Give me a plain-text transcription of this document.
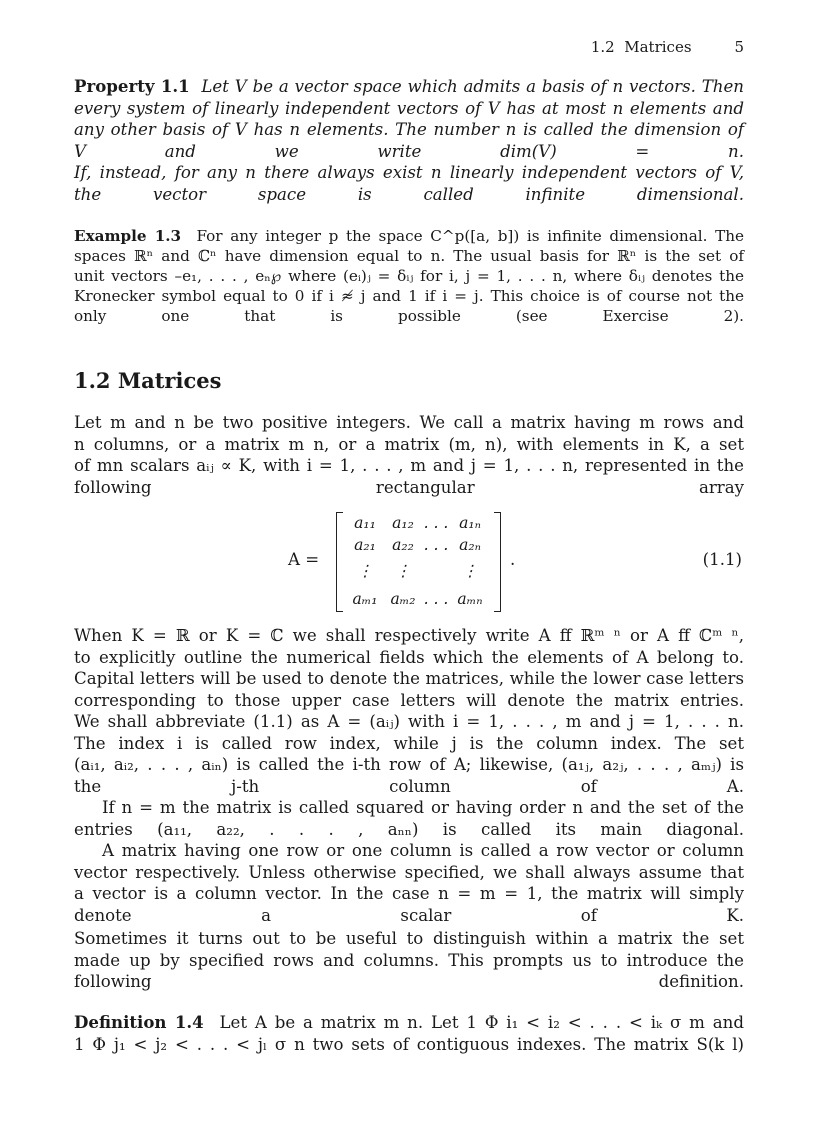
1.2  Matrices	5
Property 1.1 Let V be a vector space which admits a basis of n vectors. Then
every system of linearly independent vectors of V has at most n elements and
any other basis of V has n elements. The number n is called the dimension of
V and we write dim(V) = n.
If, instead, for any n there always exist n linearly independent vectors of V,
the vector space is called infinite dimensional.
Example 1.3 For any integer p the space C^p([a, b]) is infinite dimensional. The
spaces ℝⁿ and ℂⁿ have dimension equal to n. The usual basis for ℝⁿ is the set of
unit vectors –e₁, . . . , eₙ℘ where (eᵢ)ⱼ = δᵢⱼ for i, j = 1, . . . n, where δᵢⱼ denotes the
Kronecker symbol equal to 0 if i ≉ j and 1 if i = j. This choice is of course not the
only one that is possible (see Exercise 2).
1.2 Matrices
Let m and n be two positive integers. We call a matrix having m rows and
n columns, or a matrix m n, or a matrix (m, n), with elements in K, a set
of mn scalars aᵢⱼ ∝ K, with i = 1, . . . , m and j = 1, . . . n, represented in the
following rectangular array
A =
a₁₁ a₁₂ . . . a₁ₙ
a₂₁ a₂₂ . . . a₂ₙ
⋮ ⋮	⋮
aₘ₁ aₘ₂ . . . aₘₙ
.	(1.1)
When K = ℝ or K = ℂ we shall respectively write A ﬀ ℝᵐ ⁿ or A ﬀ ℂᵐ ⁿ,
to explicitly outline the numerical fields which the elements of A belong to.
Capital letters will be used to denote the matrices, while the lower case letters
corresponding to those upper case letters will denote the matrix entries.
We shall abbreviate (1.1) as A = (aᵢⱼ) with i = 1, . . . , m and j = 1, . . . n.
The index i is called row index, while j is the column index. The set
(aᵢ₁, aᵢ₂, . . . , aᵢₙ) is called the i-th row of A; likewise, (a₁ⱼ, a₂ⱼ, . . . , aₘⱼ) is
the j-th column of A.
If n = m the matrix is called squared or having order n and the set of the
entries (a₁₁, a₂₂, . . . , aₙₙ) is called its main diagonal.
A matrix having one row or one column is called a row vector or column
vector respectively. Unless otherwise specified, we shall always assume that
a vector is a column vector. In the case n = m = 1, the matrix will simply
denote a scalar of K.
Sometimes it turns out to be useful to distinguish within a matrix the set
made up by specified rows and columns. This prompts us to introduce the
following definition.
Definition 1.4 Let A be a matrix m n. Let 1 Φ i₁ < i₂ < . . . < iₖ σ m and
1 Φ j₁ < j₂ < . . . < jₗ σ n two sets of contiguous indexes. The matrix S(k l)
